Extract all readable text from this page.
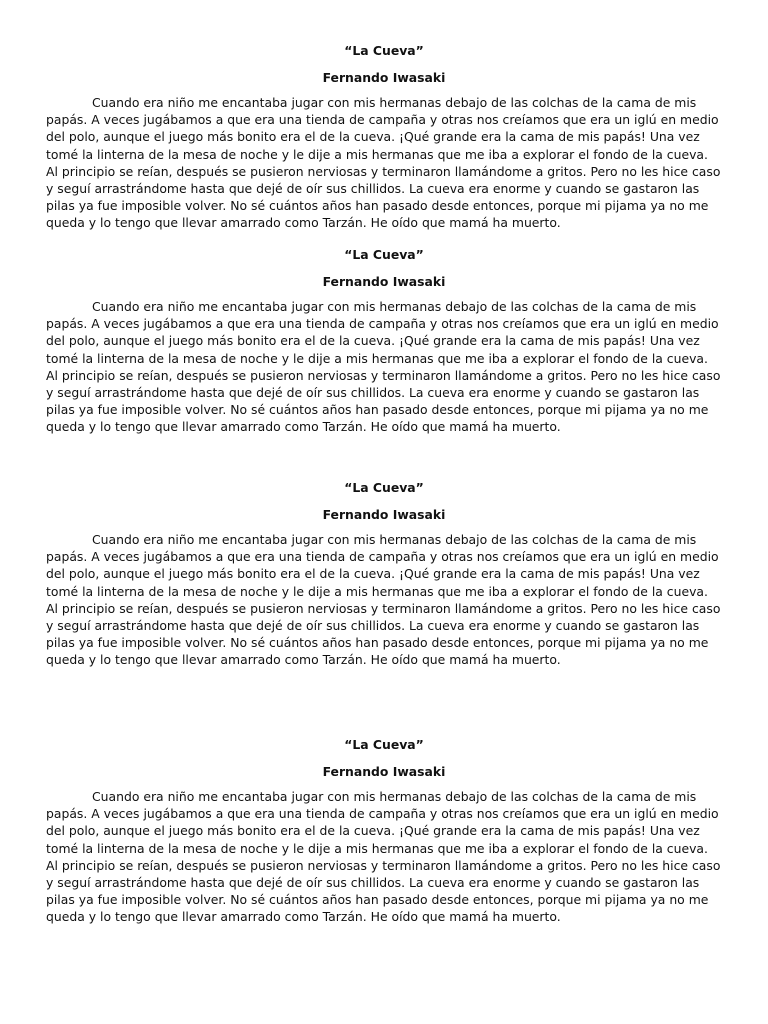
“La Cueva”

Fernando Iwasaki

Cuando era niño me encantaba jugar con mis hermanas debajo de las colchas de la cama de mis papás. A veces jugábamos a que era una tienda de campaña y otras nos creíamos que era un iglú en medio del polo, aunque el juego más bonito era el de la cueva. ¡Qué grande era la cama de mis papás! Una vez tomé la linterna de la mesa de noche y le dije a mis hermanas que me iba a explorar el fondo de la cueva. Al principio se reían, después se pusieron nerviosas y terminaron llamándome a gritos. Pero no les hice caso y seguí arrastrándome hasta que dejé de oír sus chillidos. La cueva era enorme y cuando se gastaron las pilas ya fue imposible volver. No sé cuántos años han pasado desde entonces, porque mi pijama ya no me queda y lo tengo que llevar amarrado como Tarzán. He oído que mamá ha muerto.

“La Cueva”

Fernando Iwasaki

Cuando era niño me encantaba jugar con mis hermanas debajo de las colchas de la cama de mis papás. A veces jugábamos a que era una tienda de campaña y otras nos creíamos que era un iglú en medio del polo, aunque el juego más bonito era el de la cueva. ¡Qué grande era la cama de mis papás! Una vez tomé la linterna de la mesa de noche y le dije a mis hermanas que me iba a explorar el fondo de la cueva. Al principio se reían, después se pusieron nerviosas y terminaron llamándome a gritos. Pero no les hice caso y seguí arrastrándome hasta que dejé de oír sus chillidos. La cueva era enorme y cuando se gastaron las pilas ya fue imposible volver. No sé cuántos años han pasado desde entonces, porque mi pijama ya no me queda y lo tengo que llevar amarrado como Tarzán. He oído que mamá ha muerto.

“La Cueva”

Fernando Iwasaki

Cuando era niño me encantaba jugar con mis hermanas debajo de las colchas de la cama de mis papás. A veces jugábamos a que era una tienda de campaña y otras nos creíamos que era un iglú en medio del polo, aunque el juego más bonito era el de la cueva. ¡Qué grande era la cama de mis papás! Una vez tomé la linterna de la mesa de noche y le dije a mis hermanas que me iba a explorar el fondo de la cueva. Al principio se reían, después se pusieron nerviosas y terminaron llamándome a gritos. Pero no les hice caso y seguí arrastrándome hasta que dejé de oír sus chillidos. La cueva era enorme y cuando se gastaron las pilas ya fue imposible volver. No sé cuántos años han pasado desde entonces, porque mi pijama ya no me queda y lo tengo que llevar amarrado como Tarzán. He oído que mamá ha muerto.

“La Cueva”

Fernando Iwasaki

Cuando era niño me encantaba jugar con mis hermanas debajo de las colchas de la cama de mis papás. A veces jugábamos a que era una tienda de campaña y otras nos creíamos que era un iglú en medio del polo, aunque el juego más bonito era el de la cueva. ¡Qué grande era la cama de mis papás! Una vez tomé la linterna de la mesa de noche y le dije a mis hermanas que me iba a explorar el fondo de la cueva. Al principio se reían, después se pusieron nerviosas y terminaron llamándome a gritos. Pero no les hice caso y seguí arrastrándome hasta que dejé de oír sus chillidos. La cueva era enorme y cuando se gastaron las pilas ya fue imposible volver. No sé cuántos años han pasado desde entonces, porque mi pijama ya no me queda y lo tengo que llevar amarrado como Tarzán. He oído que mamá ha muerto.
